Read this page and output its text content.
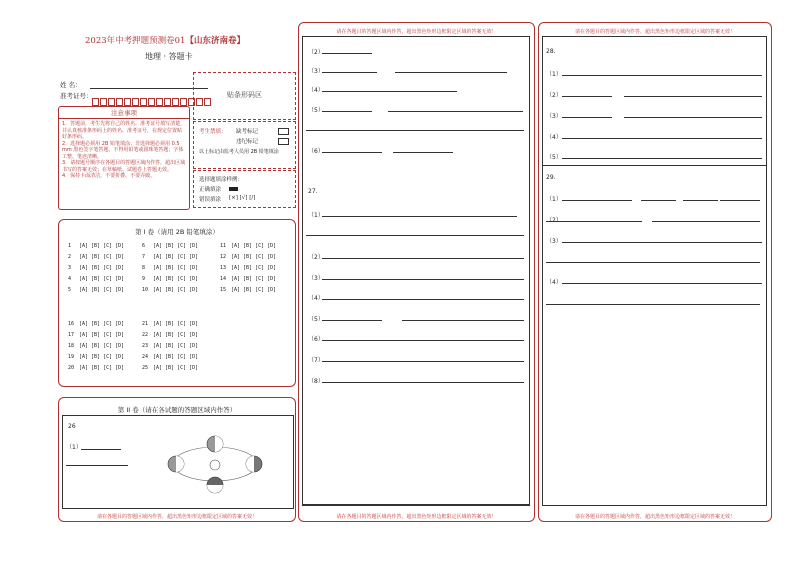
2023年中考押题预测卷01【山东济南卷】
地理 · 答题卡
姓 名：
准考证号：	贴条形码区
注意事项
1．答题前，考生先将自己的姓名、准考证号填写清楚，并认真核准条形码上的姓名、准考证号，在规定位置贴好条形码。
2．选择题必须用 2B 铅笔填涂；非选择题必须用 0.5 mm 黑色签字笔答题，不得用铅笔或圆珠笔答题；字体工整、笔迹清晰。
3．请按题号顺序在各题目的答题区域内作答，超出区域书写的答案无效；在草稿纸、试题卷上答题无效。
4．保持卡面清洁，不要折叠、不要弄破。
考生禁填： 缺考标记
违纪标记
以上标记由监考人员用 2B 铅笔填涂
选择题填涂样例：
正确填涂
错误填涂 [×] [√] [/]
第 I 卷（请用 2B 铅笔填涂）
1 [A] [B] [C] [D]
2 [A] [B] [C] [D]
3 [A] [B] [C] [D]
4 [A] [B] [C] [D]
5 [A] [B] [C] [D]
6 [A] [B] [C] [D]
7 [A] [B] [C] [D]
8 [A] [B] [C] [D]
9 [A] [B] [C] [D]
10 [A] [B] [C] [D]
11 [A] [B] [C] [D]
12 [A] [B] [C] [D]
13 [A] [B] [C] [D]
14 [A] [B] [C] [D]
15 [A] [B] [C] [D]
16 [A] [B] [C] [D]
17 [A] [B] [C] [D]
18 [A] [B] [C] [D]
19 [A] [B] [C] [D]
20 [A] [B] [C] [D]
21 [A] [B] [C] [D]
22 [A] [B] [C] [D]
23 [A] [B] [C] [D]
24 [A] [B] [C] [D]
25 [A] [B] [C] [D]
第 II 卷（请在各试题的答题区域内作答）
26
（1）
请在各题目的答题区域内作答，超出黑色矩形边框限定区域的答案无效！
请在各题目的答题区域内作答，超出黑色矩形边框限定区域的答案无效！
（2）
（3）
（4）
（5）
（6）
27.
（1）
（2）
（3）
（4）
（5）
（6）
（7）
（8）
请在各题目的答题区域内作答，超出黑色矩形边框限定区域的答案无效！
请在各题目的答题区域内作答，超出黑色矩形边框限定区域的答案无效！
28.
（1）
（2）
（3）
（4）
（5）
29.
（1）
（2）
（3）
（4）
请在各题目的答题区域内作答，超出黑色矩形边框限定区域的答案无效！
